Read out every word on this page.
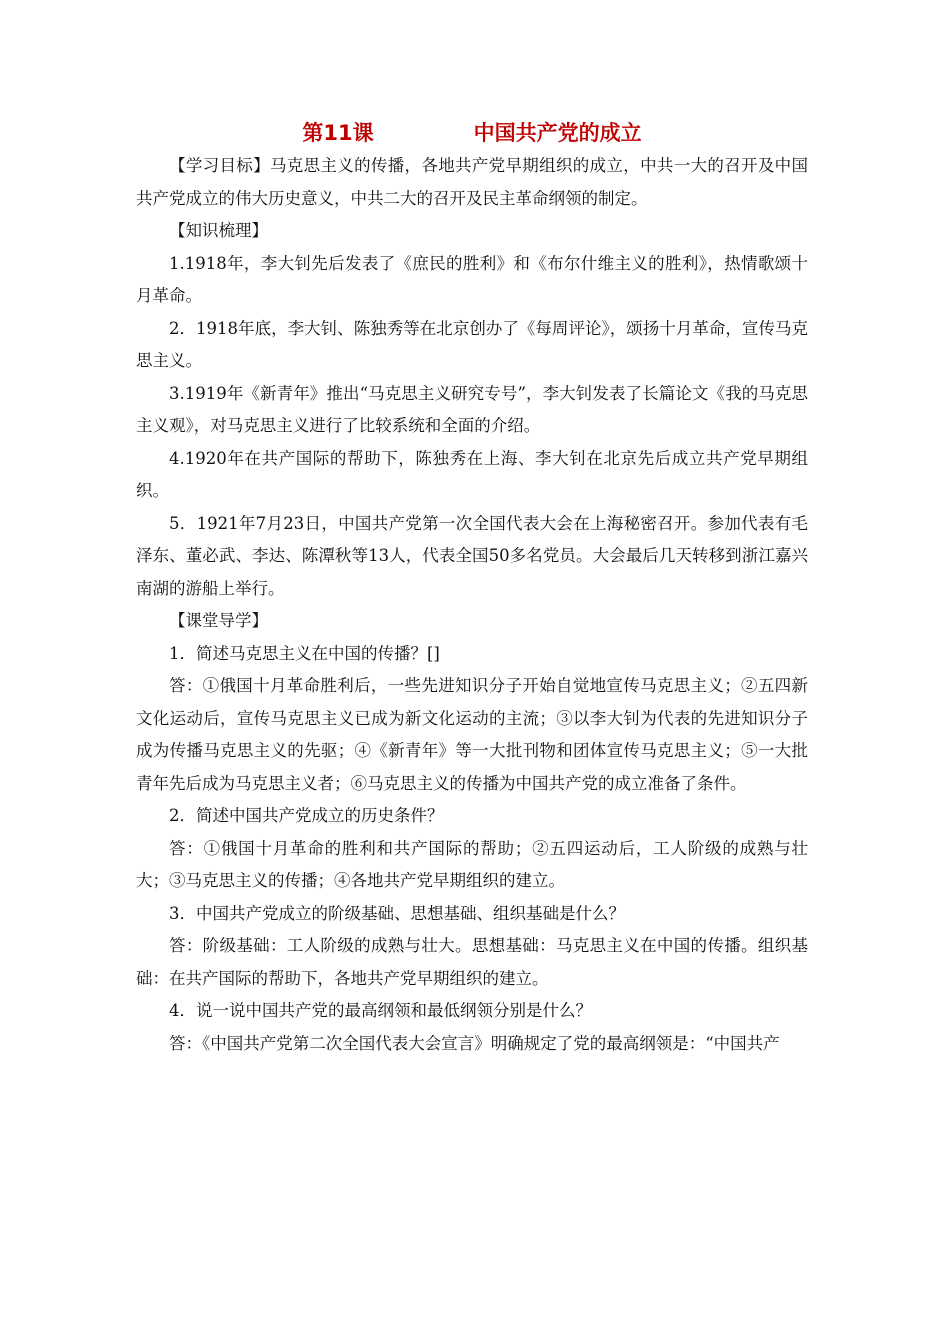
第11课	中国共产党的成立

【学习目标】马克思主义的传播，各地共产党早期组织的成立，中共一大的召开及中国共产党成立的伟大历史意义，中共二大的召开及民主革命纲领的制定。

【知识梳理】

1.1918年，李大钊先后发表了《庶民的胜利》和《布尔什维主义的胜利》，热情歌颂十月革命。

2．1918年底，李大钊、陈独秀等在北京创办了《每周评论》，颂扬十月革命，宣传马克思主义。

3.1919年《新青年》推出“马克思主义研究专号”，李大钊发表了长篇论文《我的马克思主义观》，对马克思主义进行了比较系统和全面的介绍。

4.1920年在共产国际的帮助下，陈独秀在上海、李大钊在北京先后成立共产党早期组织。

5．1921年7月23日，中国共产党第一次全国代表大会在上海秘密召开。参加代表有毛泽东、董必武、李达、陈潭秋等13人，代表全国50多名党员。大会最后几天转移到浙江嘉兴南湖的游船上举行。

【课堂导学】

1．简述马克思主义在中国的传播？[]

答：①俄国十月革命胜利后，一些先进知识分子开始自觉地宣传马克思主义；②五四新文化运动后，宣传马克思主义已成为新文化运动的主流；③以李大钊为代表的先进知识分子成为传播马克思主义的先驱；④《新青年》等一大批刊物和团体宣传马克思主义；⑤一大批青年先后成为马克思主义者；⑥马克思主义的传播为中国共产党的成立准备了条件。

2．简述中国共产党成立的历史条件？

答：①俄国十月革命的胜利和共产国际的帮助；②五四运动后，工人阶级的成熟与壮大；③马克思主义的传播；④各地共产党早期组织的建立。

3．中国共产党成立的阶级基础、思想基础、组织基础是什么？

答：阶级基础：工人阶级的成熟与壮大。思想基础：马克思主义在中国的传播。组织基础：在共产国际的帮助下，各地共产党早期组织的建立。

4．说一说中国共产党的最高纲领和最低纲领分别是什么？

答：《中国共产党第二次全国代表大会宣言》明确规定了党的最高纲领是：“中国共产
